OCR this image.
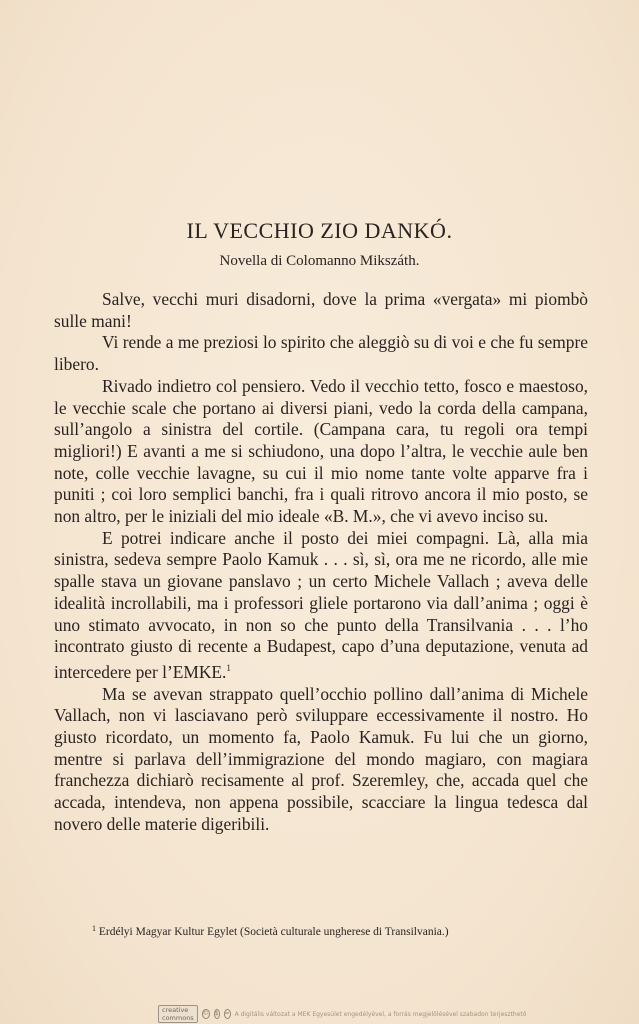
IL VECCHIO ZIO DANKÓ.
Novella di Colomanno Mikszáth.

Salve, vecchi muri disadorni, dove la prima «vergata» mi piombò sulle mani!

Vi rende a me preziosi lo spirito che aleggiò su di voi e che fu sempre libero.

Rivado indietro col pensiero. Vedo il vecchio tetto, fosco e maestoso, le vecchie scale che portano ai diversi piani, vedo la corda della campana, sull’angolo a sinistra del cortile. (Campana cara, tu regoli ora tempi migliori!) E avanti a me si schiudono, una dopo l’altra, le vecchie aule ben note, colle vecchie lavagne, su cui il mio nome tante volte apparve fra i puniti ; coi loro semplici banchi, fra i quali ritrovo ancora il mio posto, se non altro, per le iniziali del mio ideale «B. M.», che vi avevo inciso su.

E potrei indicare anche il posto dei miei compagni. Là, alla mia sinistra, sedeva sempre Paolo Kamuk . . . sì, sì, ora me ne ricordo, alle mie spalle stava un giovane panslavo ; un certo Michele Vallach ; aveva delle idealità incrollabili, ma i professori gliele portarono via dall’anima ; oggi è uno stimato avvocato, in non so che punto della Transilvania . . . l’ho incontrato giusto di recente a Budapest, capo d’una deputazione, venuta ad intercedere per l’EMKE.$^1$

Ma se avevan strappato quell’occhio pollino dall’anima di Michele Vallach, non vi lasciavano però sviluppare eccessivamente il nostro. Ho giusto ricordato, un momento fa, Paolo Kamuk. Fu lui che un giorno, mentre si parlava dell’immigrazione del mondo magiaro, con magiara franchezza dichiarò recisamente al prof. Szeremley, che, accada quel che accada, intendeva, non appena possibile, scacciare la lingua tedesca dal novero delle materie digeribili.

$^1$ Erdélyi Magyar Kultur Egylet (Società culturale ungherese di Transilvania.)
creative commons
© $ = A digitális változat a MEK Egyesület engedélyével, a forrás megjelölésével szabadon terjeszthető
